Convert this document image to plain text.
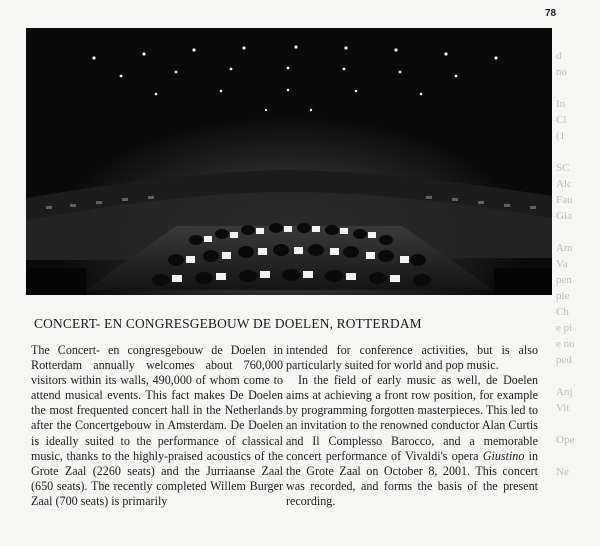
78
d
no

In
Cl
(1

SC
Alc
Fau
Gia

Am
Va
pen
pie
Ch
e pi
e no
ped

Anj
Vit

Ope

Ne

CONCERT- EN CONGRESGEBOUW DE DOELEN, ROTTERDAM

The Concert- en congresgebouw de Doelen in Rotterdam annually welcomes about 760,000 visitors within its walls, 490,000 of whom come to attend musical events. This fact makes De Doelen the most frequented concert hall in the Netherlands after the Concertgebouw in Amsterdam. De Doelen is ideally suited to the performance of classical music, thanks to the highly-praised acoustics of the Grote Zaal (2260 seats) and the Jurriaanse Zaal (650 seats). The recently completed Willem Burger Zaal (700 seats) is primarily

intended for conference activities, but is also particularly suited for world and pop music.

In the field of early music as well, de Doelen aims at achieving a front row position, for example by programming forgotten masterpieces. This led to an invitation to the renowned conductor Alan Curtis and Il Complesso Barocco, and a memorable concert performance of Vivaldi's opera Giustino in the Grote Zaal on October 8, 2001. This concert was recorded, and forms the basis of the present recording.
